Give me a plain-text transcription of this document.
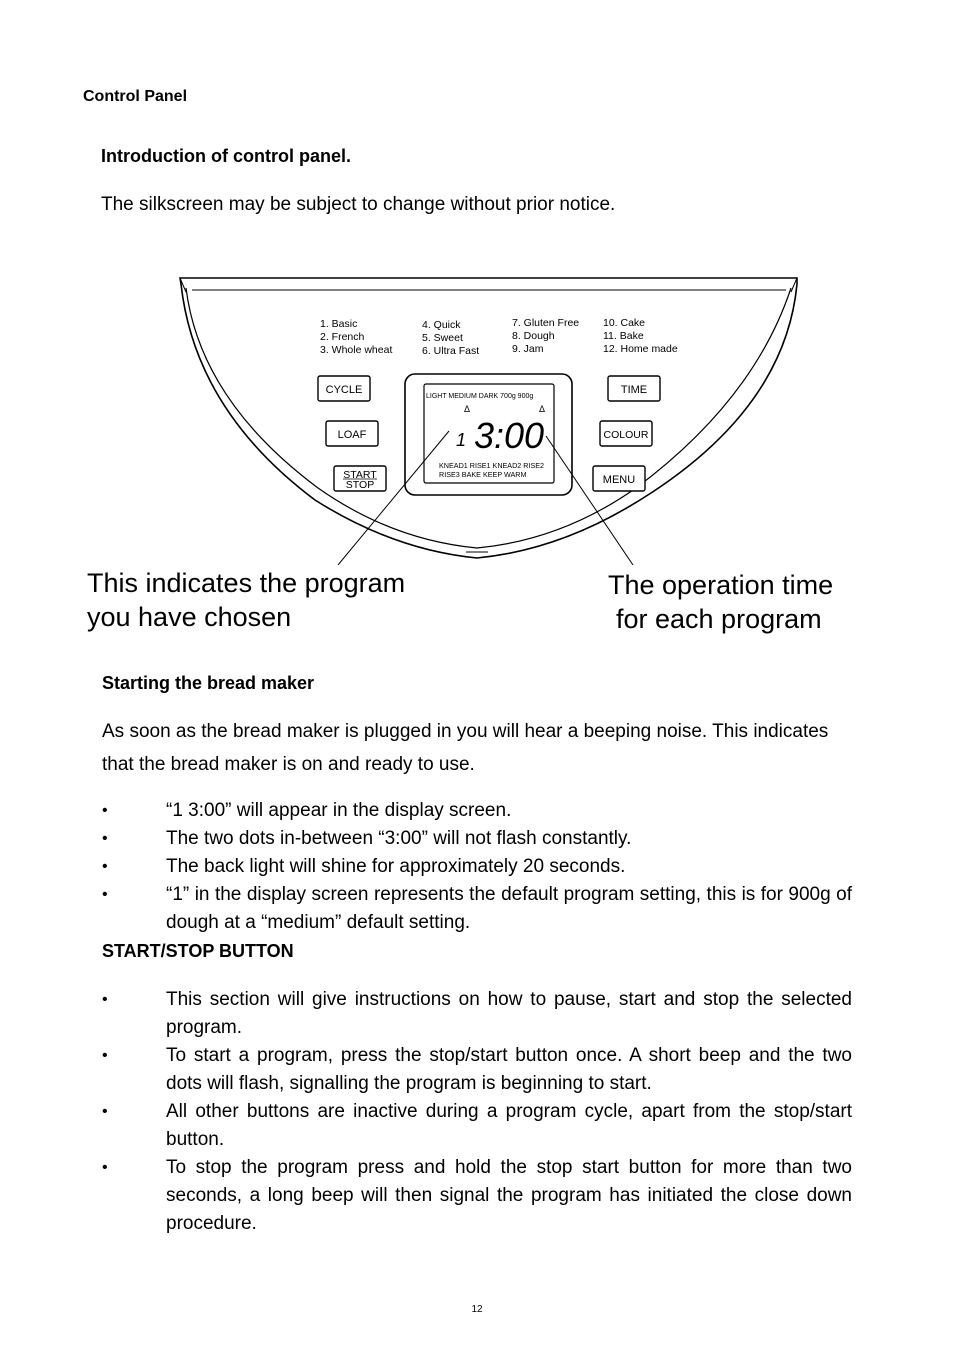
Control Panel
Introduction of control panel.
The silkscreen may be subject to change without prior notice.
1. Basic
2. French
3. Whole wheat
4. Quick
5. Sweet
6. Ultra Fast
7. Gluten Free
8. Dough
9. Jam
10. Cake
11. Bake
12. Home made
CYCLE
LOAF
START
STOP
TIME
COLOUR
MENU
LIGHT MEDIUM DARK 700g 900g
Δ	Δ
1 3:00
KNEAD1 RISE1 KNEAD2 RISE2
RISE3 BAKE KEEP WARM
This indicates the program
you have chosen
The operation time
for each program
Starting the bread maker
As soon as the bread maker is plugged in you will hear a beeping noise. This indicates that the bread maker is on and ready to use.
•	“1 3:00” will appear in the display screen.
•	The two dots in-between “3:00” will not flash constantly.
•	The back light will shine for approximately 20 seconds.
•	“1” in the display screen represents the default program setting, this is for 900g of dough at a “medium” default setting.
START/STOP BUTTON
•	This section will give instructions on how to pause, start and stop the selected program.
•	To start a program, press the stop/start button once. A short beep and the two dots will flash, signalling the program is beginning to start.
•	All other buttons are inactive during a program cycle, apart from the stop/start button.
•	To stop the program press and hold the stop start button for more than two seconds, a long beep will then signal the program has initiated the close down procedure.
12
